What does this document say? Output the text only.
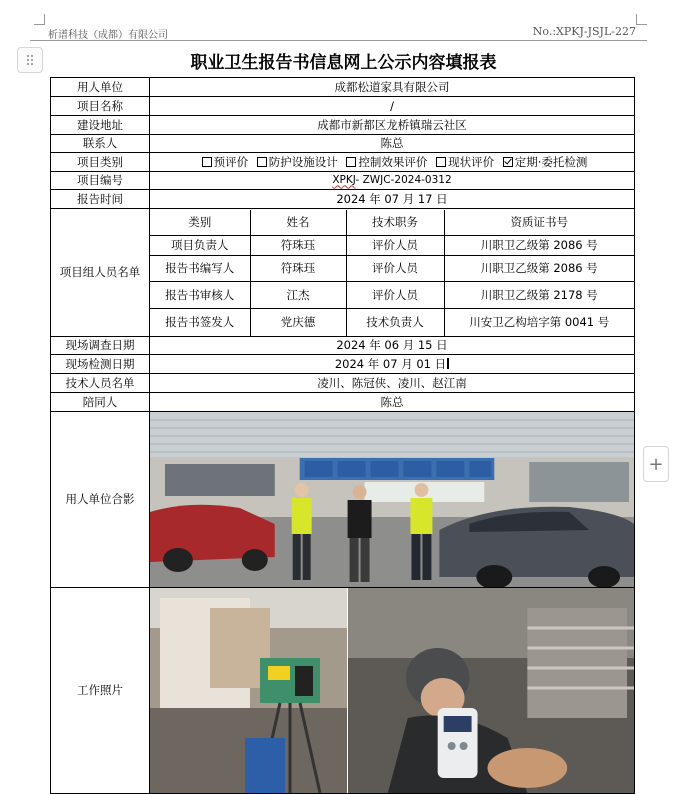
析谱科技（成都）有限公司	No.:XPKJ-JSJL-227
+
职业卫生报告书信息网上公示内容填报表
用人单位	成都松道家具有限公司
项目名称	/
建设地址	成都市新都区龙桥镇瑞云社区
联系人	陈总
项目类别	预评价 防护设施设计 控制效果评价 现状评价 定期·委托检测
项目编号	XPKJ- ZWJC-2024-0312
报告时间	2024 年 07 月 17 日
项目组人员名单	
类别	姓名	技术职务	资质证书号
项目负责人	符珠珏	评价人员	川职卫乙级第 2086 号
报告书编写人	符珠珏	评价人员	川职卫乙级第 2086 号
报告书审核人	江杰	评价人员	川职卫乙级第 2178 号
报告书签发人	党庆德	技术负责人	川安卫乙构培字第 0041 号

现场调查日期	2024 年 06 月 15 日
现场检测日期	2024 年 07 月 01 日
技术人员名单	凌川、陈冠侠、凌川、赵江南
陪同人	陈总
用人单位合影	

工作照片	
